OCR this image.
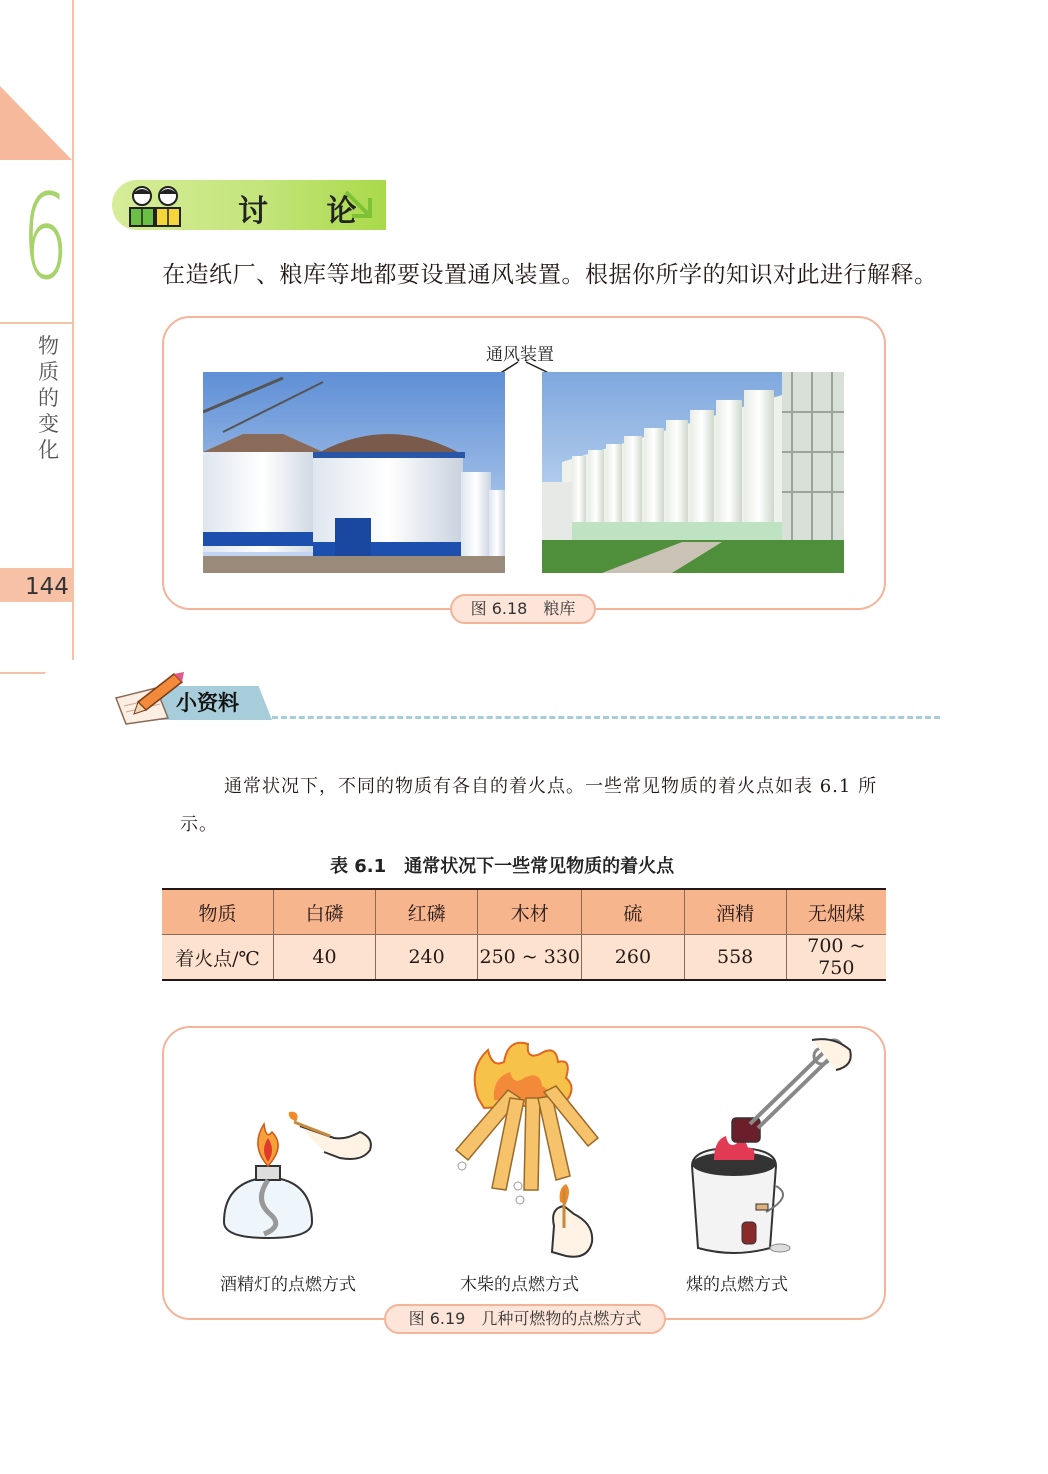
6
物质的变化
144
讨 论
在造纸厂、粮库等地都要设置通风装置。根据你所学的知识对此进行解释。
通风装置
图 6.18　粮库
小资料
通常状况下，不同的物质有各自的着火点。一些常见物质的着火点如表 6.1 所示。
表 6.1　通常状况下一些常见物质的着火点
物质	白磷	红磷	木材	硫	酒精	无烟煤
着火点/℃	40	240	250 ~ 330	260	558	700 ~ 750
酒精灯的点燃方式	木柴的点燃方式	煤的点燃方式
图 6.19　几种可燃物的点燃方式
